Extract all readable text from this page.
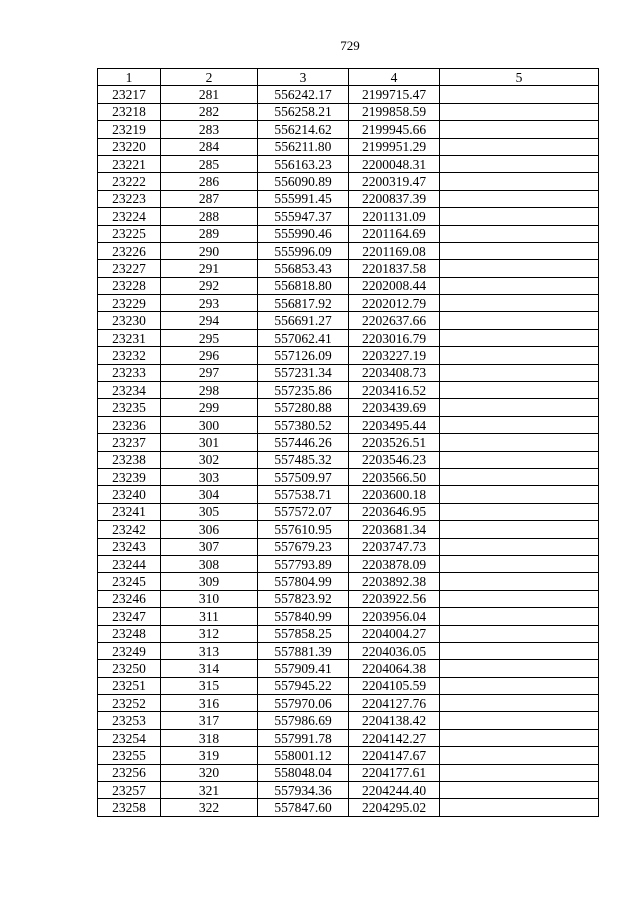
729
1	2	3	4	5
23217	281	556242.17	2199715.47	
23218	282	556258.21	2199858.59	
23219	283	556214.62	2199945.66	
23220	284	556211.80	2199951.29	
23221	285	556163.23	2200048.31	
23222	286	556090.89	2200319.47	
23223	287	555991.45	2200837.39	
23224	288	555947.37	2201131.09	
23225	289	555990.46	2201164.69	
23226	290	555996.09	2201169.08	
23227	291	556853.43	2201837.58	
23228	292	556818.80	2202008.44	
23229	293	556817.92	2202012.79	
23230	294	556691.27	2202637.66	
23231	295	557062.41	2203016.79	
23232	296	557126.09	2203227.19	
23233	297	557231.34	2203408.73	
23234	298	557235.86	2203416.52	
23235	299	557280.88	2203439.69	
23236	300	557380.52	2203495.44	
23237	301	557446.26	2203526.51	
23238	302	557485.32	2203546.23	
23239	303	557509.97	2203566.50	
23240	304	557538.71	2203600.18	
23241	305	557572.07	2203646.95	
23242	306	557610.95	2203681.34	
23243	307	557679.23	2203747.73	
23244	308	557793.89	2203878.09	
23245	309	557804.99	2203892.38	
23246	310	557823.92	2203922.56	
23247	311	557840.99	2203956.04	
23248	312	557858.25	2204004.27	
23249	313	557881.39	2204036.05	
23250	314	557909.41	2204064.38	
23251	315	557945.22	2204105.59	
23252	316	557970.06	2204127.76	
23253	317	557986.69	2204138.42	
23254	318	557991.78	2204142.27	
23255	319	558001.12	2204147.67	
23256	320	558048.04	2204177.61	
23257	321	557934.36	2204244.40	
23258	322	557847.60	2204295.02	
